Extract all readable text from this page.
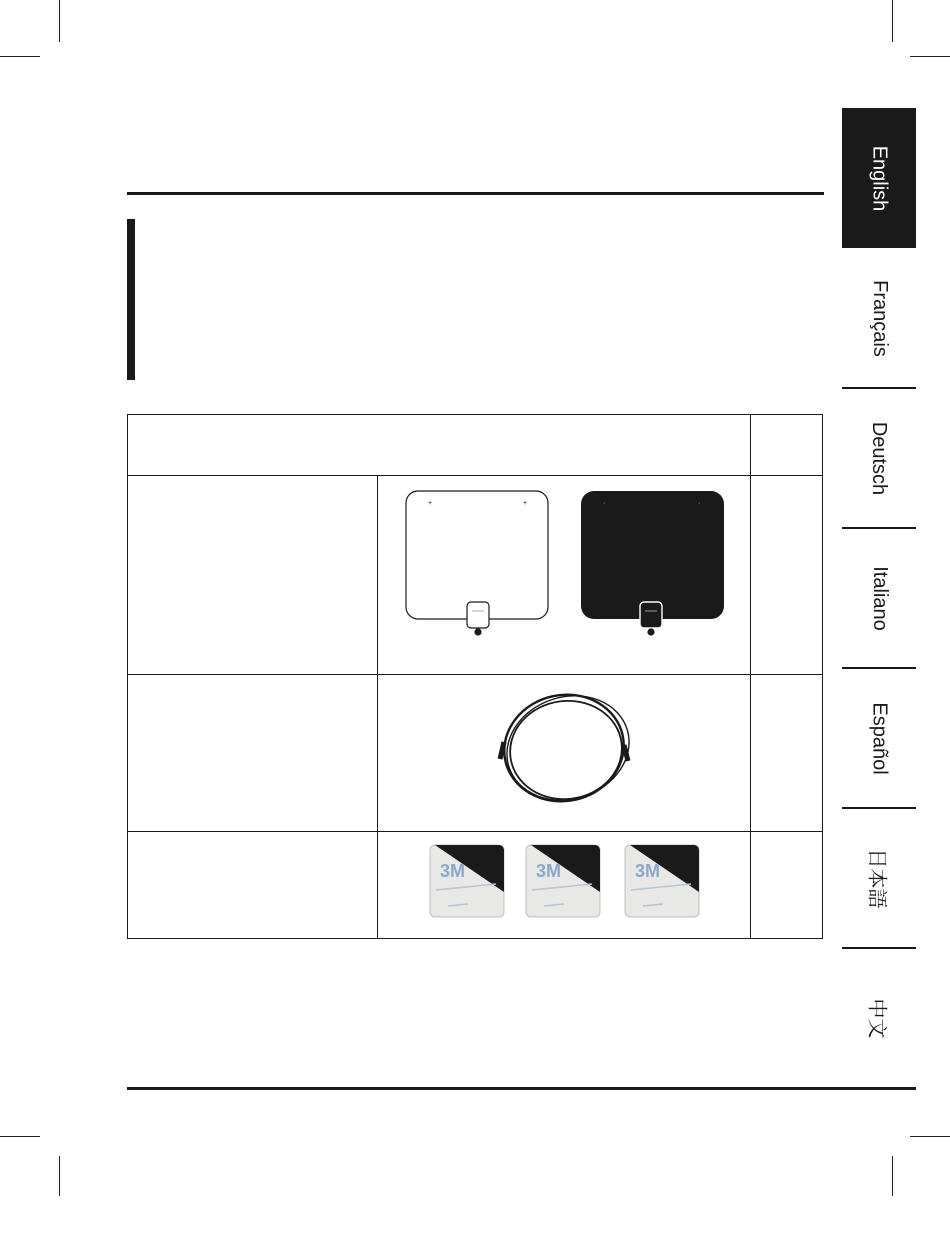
+ + · ·	

3M 3M 3M	

English
Français
Deutsch
Italiano
Español
日本語
中文
